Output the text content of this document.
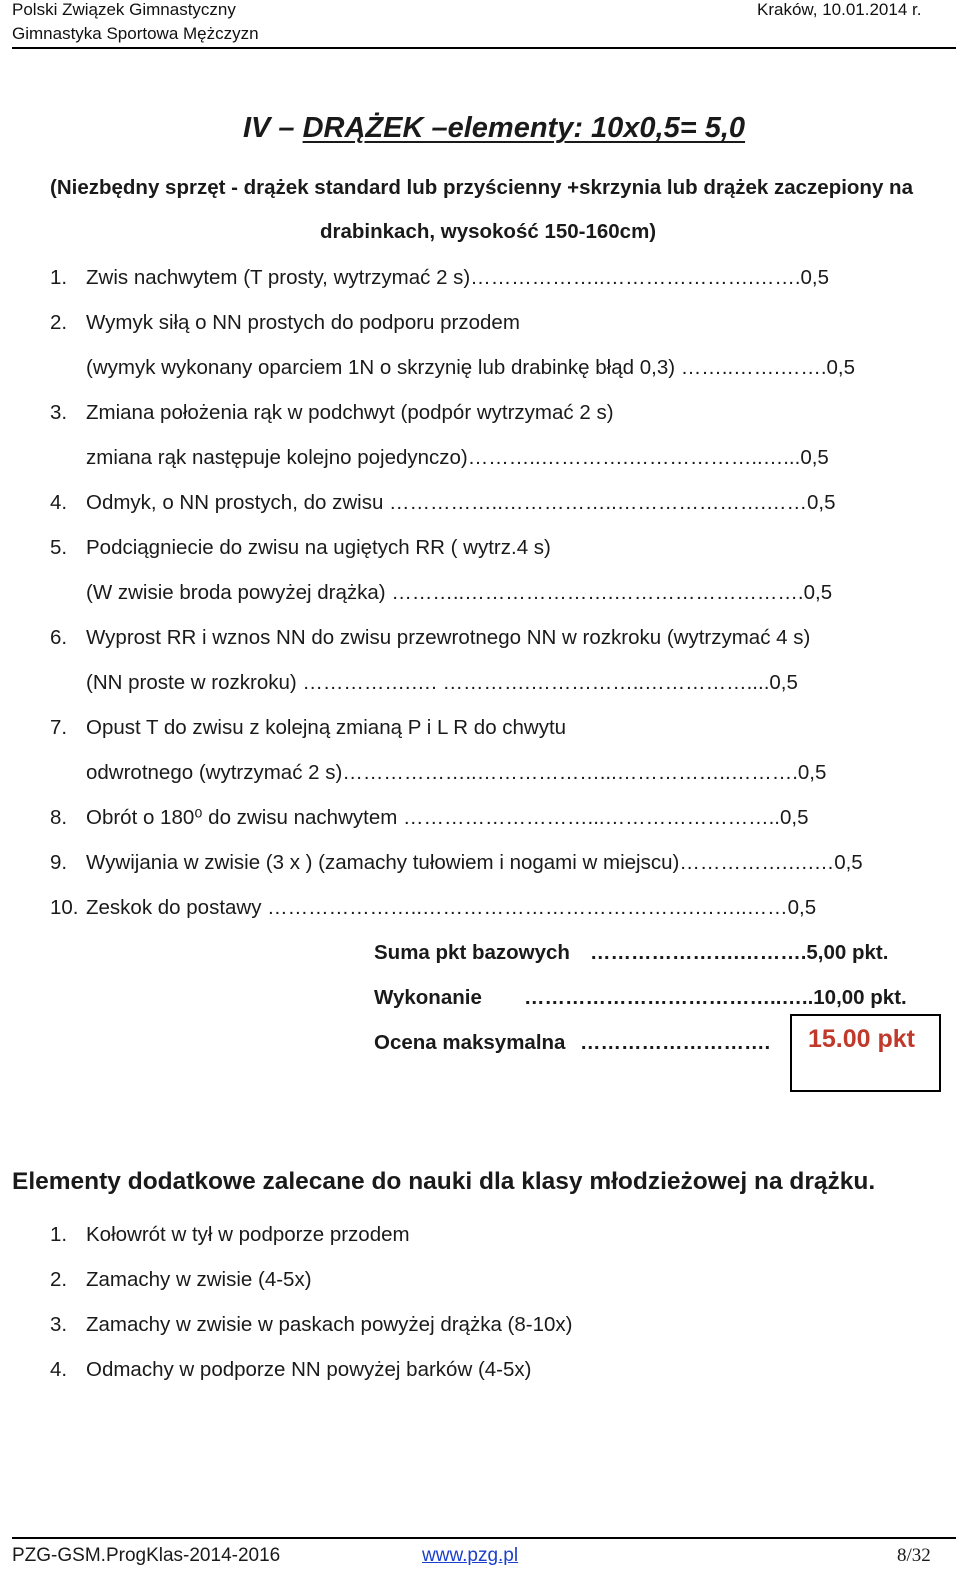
Polski Związek Gimnastyczny
Gimnastyka Sportowa Mężczyzn
Kraków, 10.01.2014 r.
IV – DRĄŻEK –elementy: 10x0,5= 5,0
(Niezbędny sprzęt - drążek standard lub przyścienny +skrzynia lub drążek zaczepiony na
drabinkach, wysokość 150-160cm)
1. Zwis nachwytem (T prosty, wytrzymać 2 s)………………..………………….…….0,5
2. Wymyk siłą o NN prostych do podporu przodem
(wymyk wykonany oparciem 1N o skrzynię lub drabinkę błąd 0,3) ……..…….…….0,5
3. Zmiana położenia rąk w podchwyt (podpór wytrzymać 2 s)
zmiana rąk następuje kolejno pojedynczo)………..………….………………..…...0,5
4. Odmyk, o NN prostych, do zwisu ……………..……………..………………….……0,5
5. Podciągniecie do zwisu na ugiętych RR ( wytrz.4 s)
(W zwisie broda powyżej drążka) ………..………………….……………………….0,5
6. Wyprost RR i wznos NN do zwisu przewrotnego NN w rozkroku (wytrzymać 4 s)
(NN proste w rozkroku) …………….…. ………….……………..……………....0,5
7. Opust T do zwisu z kolejną zmianą P i L R do chwytu
odwrotnego (wytrzymać 2 s)………………..………………...……………..……….0,5
8. Obrót o 180⁰ do zwisu nachwytem ………………………...……………………..0,5
9. Wywijania w zwisie (3 x ) (zamachy tułowiem i nogami w miejscu)…………….….…0,5
10. Zeskok do postawy …………………..………………………………….……..……0,5
Suma pkt bazowych ………………….……….5,00 pkt.
Wykonanie ………………………………..…..10,00 pkt.
Ocena maksymalna ………………………. 15.00 pkt
Elementy dodatkowe zalecane do nauki dla klasy młodzieżowej na drążku.
1. Kołowrót w tył w podporze przodem
2. Zamachy w zwisie (4-5x)
3. Zamachy w zwisie w paskach powyżej drążka (8-10x)
4. Odmachy w podporze NN powyżej barków (4-5x)
PZG-GSM.ProgKlas-2014-2016	www.pzg.pl	8/32
